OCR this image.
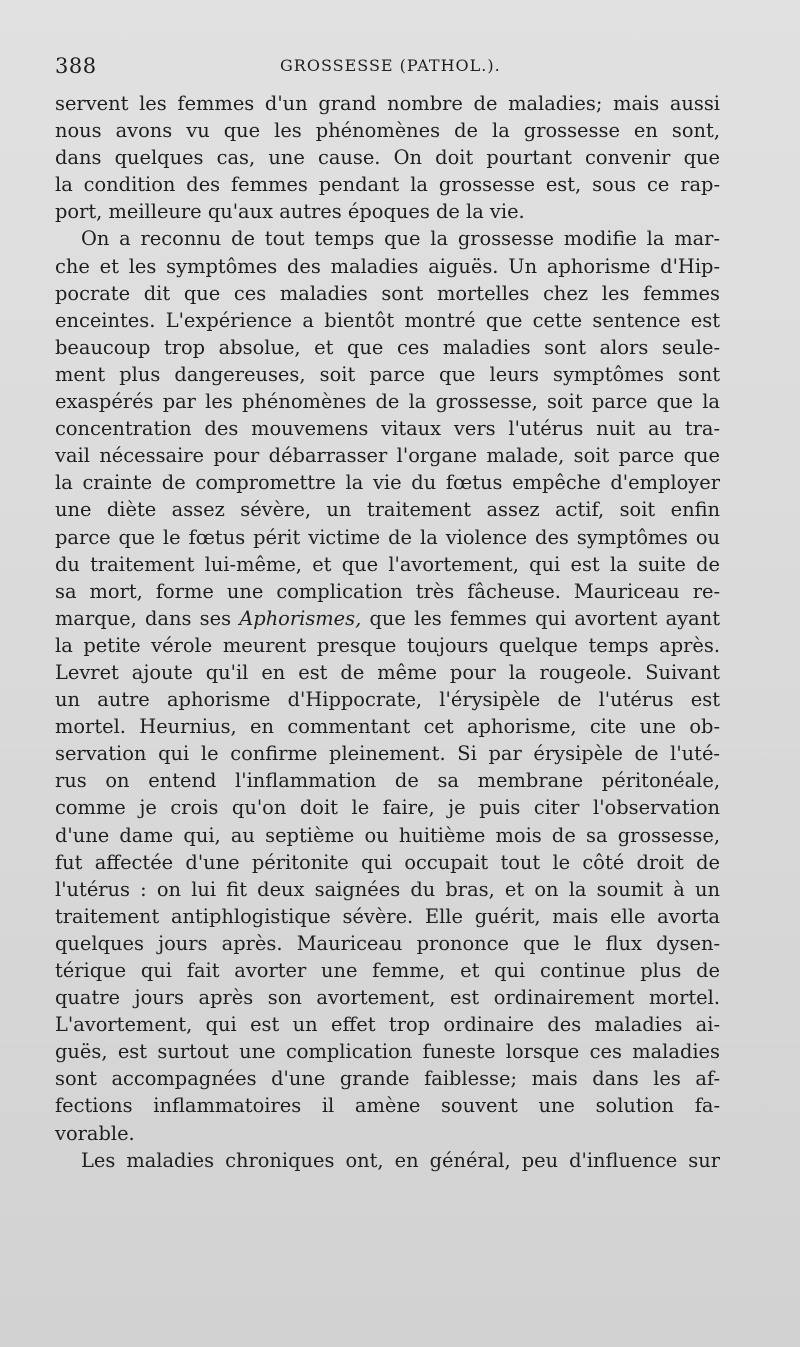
388	GROSSESSE (PATHOL.).
servent les femmes d'un grand nombre de maladies; mais aussi
nous avons vu que les phénomènes de la grossesse en sont,
dans quelques cas, une cause. On doit pourtant convenir que
la condition des femmes pendant la grossesse est, sous ce rap-
port, meilleure qu'aux autres époques de la vie.
On a reconnu de tout temps que la grossesse modifie la mar-
che et les symptômes des maladies aiguës. Un aphorisme d'Hip-
pocrate dit que ces maladies sont mortelles chez les femmes
enceintes. L'expérience a bientôt montré que cette sentence est
beaucoup trop absolue, et que ces maladies sont alors seule-
ment plus dangereuses, soit parce que leurs symptômes sont
exaspérés par les phénomènes de la grossesse, soit parce que la
concentration des mouvemens vitaux vers l'utérus nuit au tra-
vail nécessaire pour débarrasser l'organe malade, soit parce que
la crainte de compromettre la vie du fœtus empêche d'employer
une diète assez sévère, un traitement assez actif, soit enfin
parce que le fœtus périt victime de la violence des symptômes ou
du traitement lui-même, et que l'avortement, qui est la suite de
sa mort, forme une complication très fâcheuse. Mauriceau re-
marque, dans ses Aphorismes, que les femmes qui avortent ayant
la petite vérole meurent presque toujours quelque temps après.
Levret ajoute qu'il en est de même pour la rougeole. Suivant
un autre aphorisme d'Hippocrate, l'érysipèle de l'utérus est
mortel. Heurnius, en commentant cet aphorisme, cite une ob-
servation qui le confirme pleinement. Si par érysipèle de l'uté-
rus on entend l'inflammation de sa membrane péritonéale,
comme je crois qu'on doit le faire, je puis citer l'observation
d'une dame qui, au septième ou huitième mois de sa grossesse,
fut affectée d'une péritonite qui occupait tout le côté droit de
l'utérus : on lui fit deux saignées du bras, et on la soumit à un
traitement antiphlogistique sévère. Elle guérit, mais elle avorta
quelques jours après. Mauriceau prononce que le flux dysen-
térique qui fait avorter une femme, et qui continue plus de
quatre jours après son avortement, est ordinairement mortel.
L'avortement, qui est un effet trop ordinaire des maladies ai-
guës, est surtout une complication funeste lorsque ces maladies
sont accompagnées d'une grande faiblesse; mais dans les af-
fections inflammatoires il amène souvent une solution fa-
vorable.
Les maladies chroniques ont, en général, peu d'influence sur
